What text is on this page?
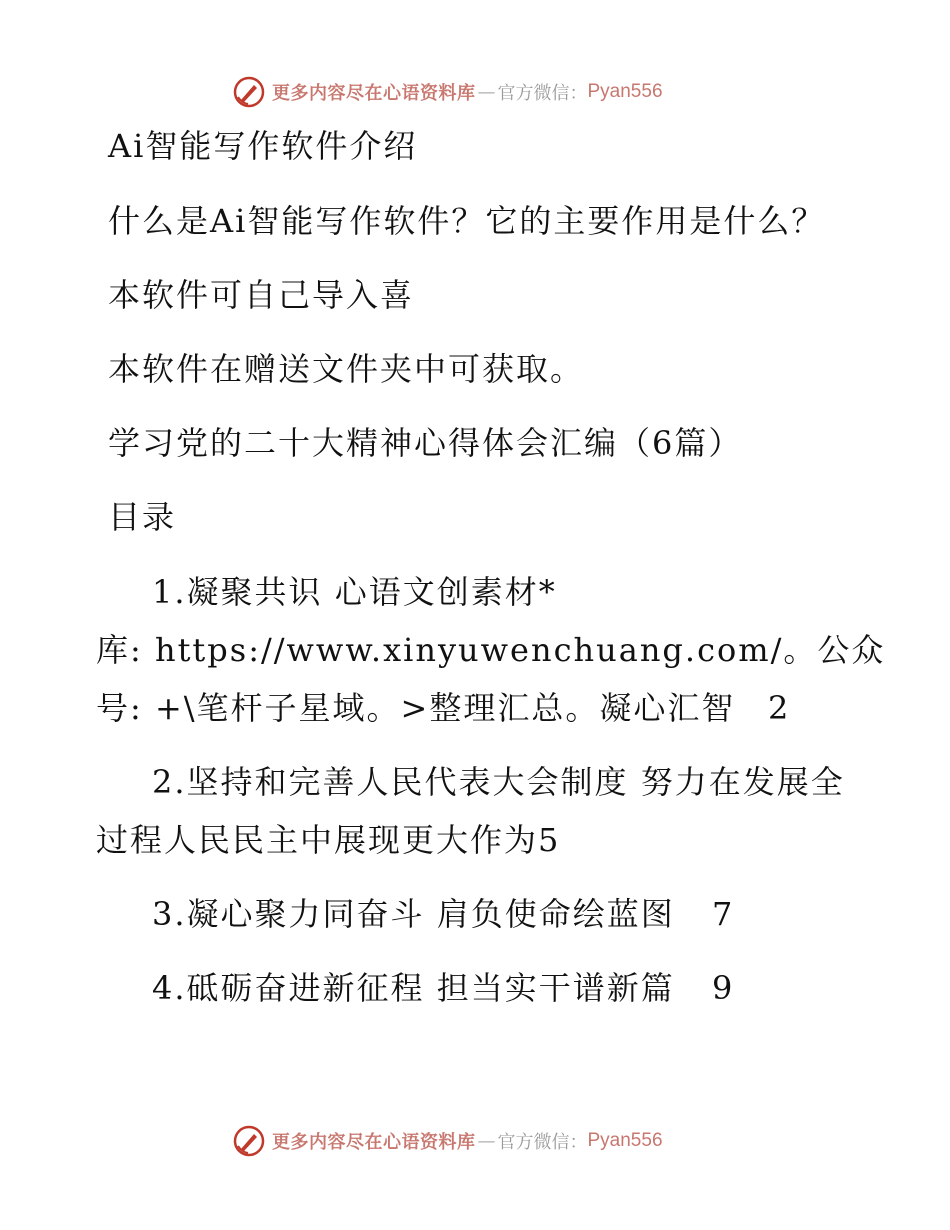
更多内容尽在心语资料库 — 官方微信： Pyan556
Ai智能写作软件介绍
什么是Ai智能写作软件？它的主要作用是什么？
本软件可自己导入喜
本软件在赠送文件夹中可获取。
学习党的二十大精神心得体会汇编（6篇）
目录
1.凝聚共识 心语文创素材*
库: https://www.xinyuwenchuang.com/。公众
号: +\笔杆子星域。>整理汇总。凝心汇智 2
2.坚持和完善人民代表大会制度 努力在发展全
过程人民民主中展现更大作为5
3.凝心聚力同奋斗 肩负使命绘蓝图 7
4.砥砺奋进新征程 担当实干谱新篇 9
更多内容尽在心语资料库 — 官方微信： Pyan556
